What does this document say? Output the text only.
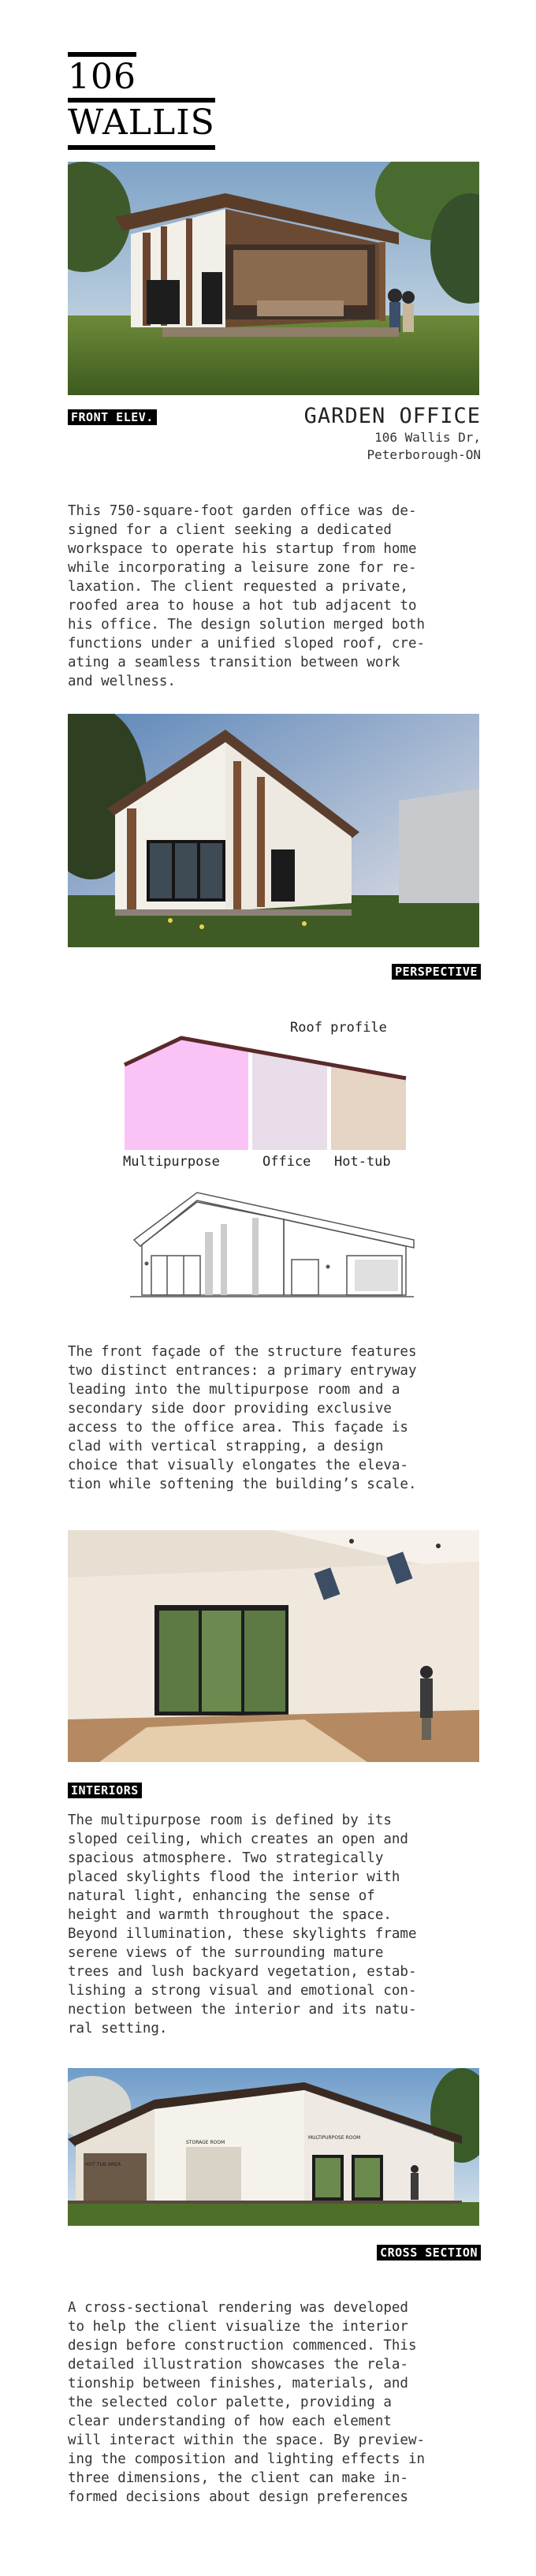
106
WALLIS
FRONT ELEV.	GARDEN OFFICE
106 Wallis Dr,
Peterborough-ON
This 750-square-foot garden office was de-
signed for a client seeking a dedicated
workspace to operate his startup from home
while incorporating a leisure zone for re-
laxation. The client requested a private,
roofed area to house a hot tub adjacent to
his office. The design solution merged both
functions under a unified sloped roof, cre-
ating a seamless transition between work
and wellness.
PERSPECTIVE
Roof profile
Multipurpose	Office Hot-tub
The front façade of the structure features
two distinct entrances: a primary entryway
leading into the multipurpose room and a
secondary side door providing exclusive
access to the office area. This façade is
clad with vertical strapping, a design
choice that visually elongates the eleva-
tion while softening the building’s scale.
INTERIORS
The multipurpose room is defined by its
sloped ceiling, which creates an open and
spacious atmosphere. Two strategically
placed skylights flood the interior with
natural light, enhancing the sense of
height and warmth throughout the space.
Beyond illumination, these skylights frame
serene views of the surrounding mature
trees and lush backyard vegetation, estab-
lishing a strong visual and emotional con-
nection between the interior and its natu-
ral setting.
HOT TUB AREA
STORAGE ROOM
MULTIPURPOSE ROOM
CROSS SECTION
A cross-sectional rendering was developed
to help the client visualize the interior
design before construction commenced. This
detailed illustration showcases the rela-
tionship between finishes, materials, and
the selected color palette, providing a
clear understanding of how each element
will interact within the space. By preview-
ing the composition and lighting effects in
three dimensions, the client can make in-
formed decisions about design preferences
